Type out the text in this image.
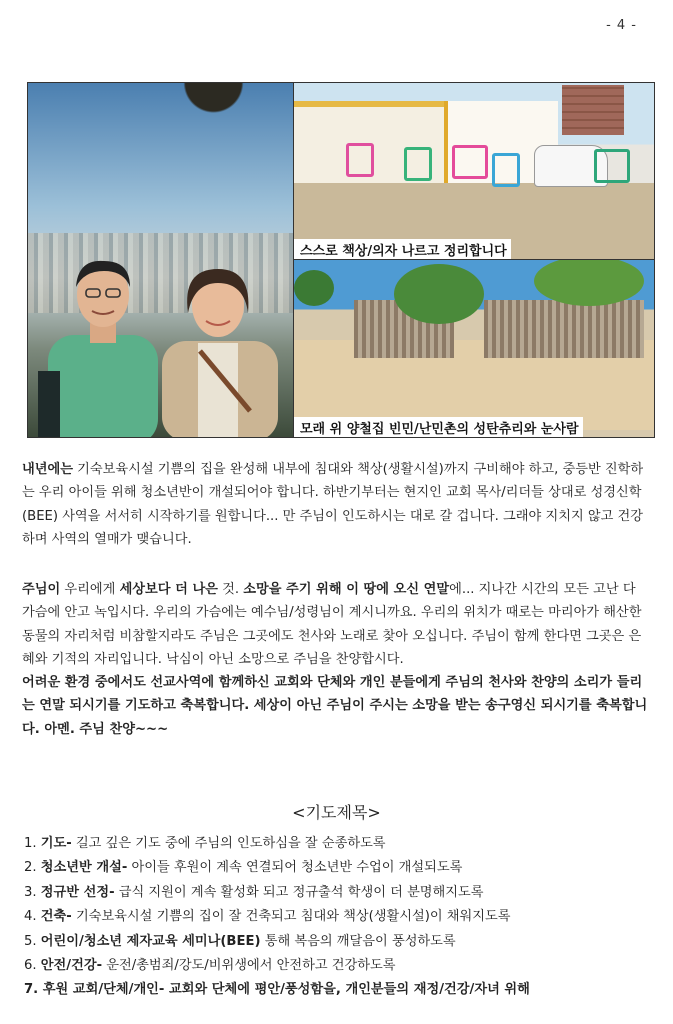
- 4 -
스스로 책상/의자 나르고 정리합니다
모래 위 양철집 빈민/난민촌의 성탄츄리와 눈사람
내년에는 기숙보육시설 기쁨의 집을 완성해 내부에 침대와 책상(생활시설)까지 구비해야 하고, 중등반 진학하는 우리 아이들 위해 청소년반이 개설되어야 합니다. 하반기부터는 현지인 교회 목사/리더들 상대로 성경신학(BEE) 사역을 서서히 시작하기를 원합니다... 만 주님이 인도하시는 대로 갈 겁니다. 그래야 지치지 않고 건강하며 사역의 열매가 맺습니다.
주님이 우리에게 세상보다 더 나은 것. 소망을 주기 위해 이 땅에 오신 연말에... 지나간 시간의 모든 고난 다 가슴에 안고 녹입시다. 우리의 가슴에는 예수님/성령님이 계시니까요. 우리의 위치가 때로는 마리아가 해산한 동물의 자리처럼 비참할지라도 주님은 그곳에도 천사와 노래로 찾아 오십니다. 주님이 함께 한다면 그곳은 은혜와 기적의 자리입니다. 낙심이 아닌 소망으로 주님을 찬양합시다.
어려운 환경 중에서도 선교사역에 함께하신 교회와 단체와 개인 분들에게 주님의 천사와 찬양의 소리가 들리는 연말 되시기를 기도하고 축복합니다. 세상이 아닌 주님이 주시는 소망을 받는 송구영신 되시기를 축복합니다. 아멘. 주님 찬양~~~
<기도제목>
1. 기도- 길고 깊은 기도 중에 주님의 인도하심을 잘 순종하도록
2. 청소년반 개설- 아이들 후원이 계속 연결되어 청소년반 수업이 개설되도록
3. 정규반 선정- 급식 지원이 계속 활성화 되고 정규출석 학생이 더 분명해지도록
4. 건축- 기숙보육시설 기쁨의 집이 잘 건축되고 침대와 책상(생활시설)이 채워지도록
5. 어린이/청소년 제자교육 세미나(BEE) 통해 복음의 깨달음이 풍성하도록
6. 안전/건강- 운전/총범죄/강도/비위생에서 안전하고 건강하도록
7. 후원 교회/단체/개인- 교회와 단체에 평안/풍성함을, 개인분들의 재정/건강/자녀 위해
